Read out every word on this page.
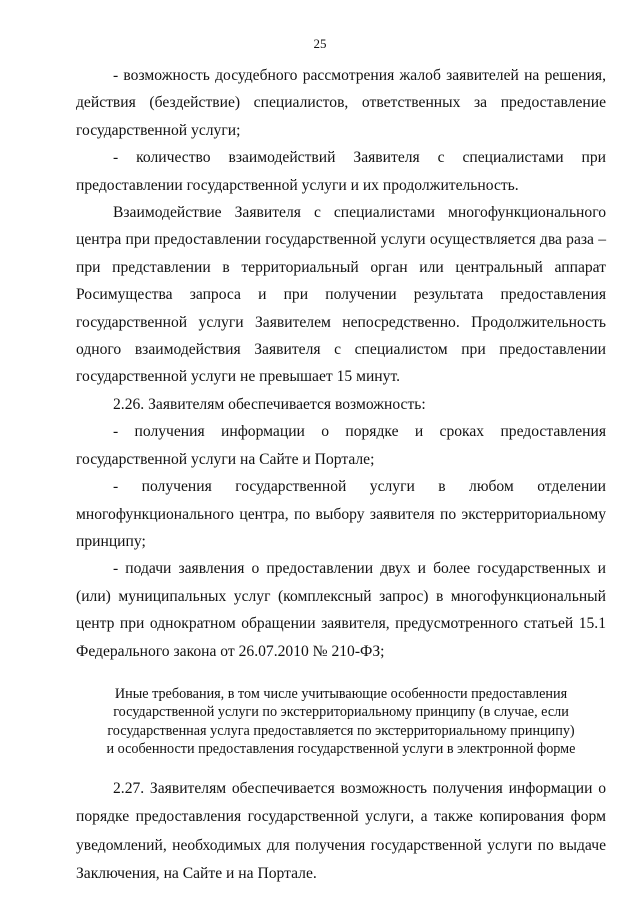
25

- возможность досудебного рассмотрения жалоб заявителей на решения, действия (бездействие) специалистов, ответственных за предоставление государственной услуги;

- количество взаимодействий Заявителя с специалистами при предоставлении государственной услуги и их продолжительность.

Взаимодействие Заявителя с специалистами многофункционального центра при предоставлении государственной услуги осуществляется два раза – при представлении в территориальный орган или центральный аппарат Росимущества запроса и при получении результата предоставления государственной услуги Заявителем непосредственно. Продолжительность одного взаимодействия Заявителя с специалистом при предоставлении государственной услуги не превышает 15 минут.

2.26. Заявителям обеспечивается возможность:

- получения информации о порядке и сроках предоставления государственной услуги на Сайте и Портале;

- получения государственной услуги в любом отделении многофункционального центра, по выбору заявителя по экстерриториальному принципу;

- подачи заявления о предоставлении двух и более государственных и (или) муниципальных услуг (комплексный запрос) в многофункциональный центр при однократном обращении заявителя, предусмотренного статьей 15.1 Федерального закона от 26.07.2010 № 210-ФЗ;

Иные требования, в том числе учитывающие особенности предоставления
государственной услуги по экстерриториальному принципу (в случае, если
государственная услуга предоставляется по экстерриториальному принципу)
и особенности предоставления государственной услуги в электронной форме

2.27. Заявителям обеспечивается возможность получения информации о порядке предоставления государственной услуги, а также копирования форм уведомлений, необходимых для получения государственной услуги по выдаче Заключения, на Сайте и на Портале.
